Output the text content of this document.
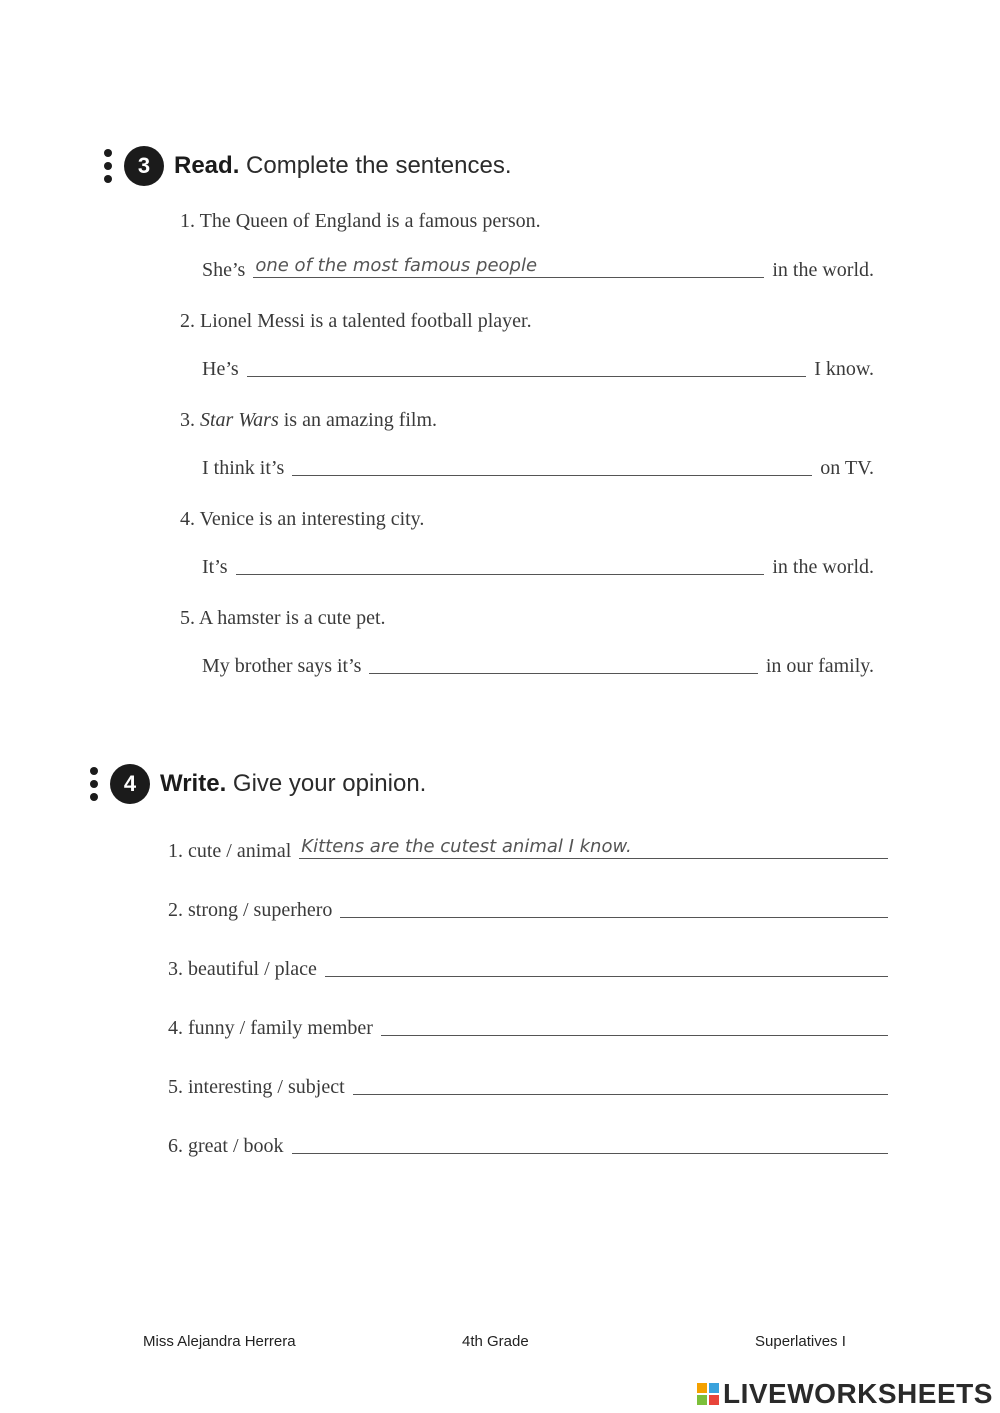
3 Read. Complete the sentences.
1. The Queen of England is a famous person.
She’s one of the most famous people	in the world.
2. Lionel Messi is a talented football player.
He’s	I know.
3. Star Wars is an amazing film.
I think it’s	on TV.
4. Venice is an interesting city.
It’s	in the world.
5. A hamster is a cute pet.
My brother says it’s	in our family.
4 Write. Give your opinion.
1. cute / animal Kittens are the cutest animal I know.
2. strong / superhero
3. beautiful / place
4. funny / family member
5. interesting / subject
6. great / book
Miss Alejandra Herrera	4th Grade	Superlatives I
LIVEWORKSHEETS
